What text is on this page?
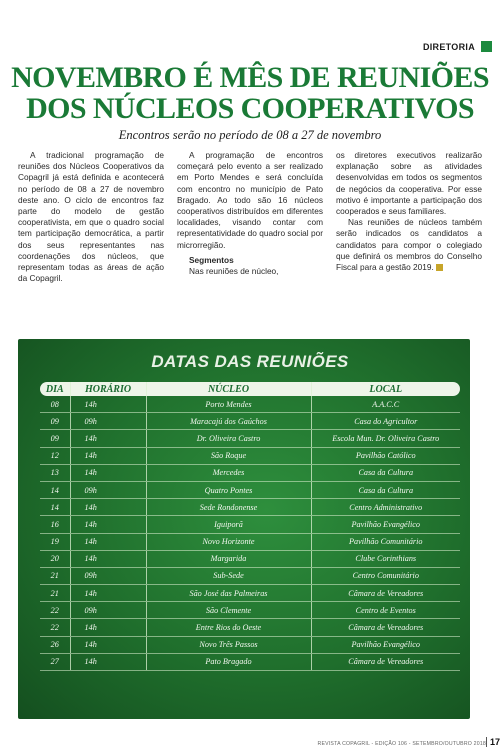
DIRETORIA
NOVEMBRO É MÊS DE REUNIÕES
DOS NÚCLEOS COOPERATIVOS
Encontros serão no período de 08 a 27 de novembro

A tradicional programação de reuniões dos Núcleos Cooperativos da Copagril já está definida e acontecerá no período de 08 a 27 de novembro deste ano. O ciclo de encontros faz parte do modelo de gestão cooperativista, em que o quadro social tem participação democrática, a partir dos seus representantes nas coordenações dos núcleos, que representam todas as áreas de ação da Copagril.

A programação de encontros começará pelo evento a ser realizado em Porto Mendes e será concluída com encontro no município de Pato Bragado. Ao todo são 16 núcleos cooperativos distribuídos em diferentes localidades, visando contar com representatividade do quadro social por microrregião.

Segmentos

Nas reuniões de núcleo,

os diretores executivos realizarão explanação sobre as atividades desenvolvidas em todos os segmentos de negócios da cooperativa. Por esse motivo é importante a participação dos cooperados e seus familiares.

Nas reuniões de núcleos também serão indicados os candidatos a candidatos para compor o colegiado que definirá os membros do Conselho Fiscal para a gestão 2019.

DATAS DAS REUNIÕES
DIA	HORÁRIO	NÚCLEO	LOCAL
08	14h	Porto Mendes	A.A.C.C
09	09h	Maracajú dos Gaúchos	Casa do Agricultor
09	14h	Dr. Oliveira Castro	Escola Mun. Dr. Oliveira Castro
12	14h	São Roque	Pavilhão Católico
13	14h	Mercedes	Casa da Cultura
14	09h	Quatro Pontes	Casa da Cultura
14	14h	Sede Rondonense	Centro Administrativo
16	14h	Iguiporã	Pavilhão Evangélico
19	14h	Novo Horizonte	Pavilhão Comunitário
20	14h	Margarida	Clube Corinthians
21	09h	Sub-Sede	Centro Comunitário
21	14h	São José das Palmeiras	Câmara de Vereadores
22	09h	São Clemente	Centro de Eventos
22	14h	Entre Rios do Oeste	Câmara de Vereadores
26	14h	Novo Três Passos	Pavilhão Evangélico
27	14h	Pato Bragado	Câmara de Vereadores
REVISTA COPAGRIL - EDIÇÃO 106 - SETEMBRO/OUTUBRO 2018 17
